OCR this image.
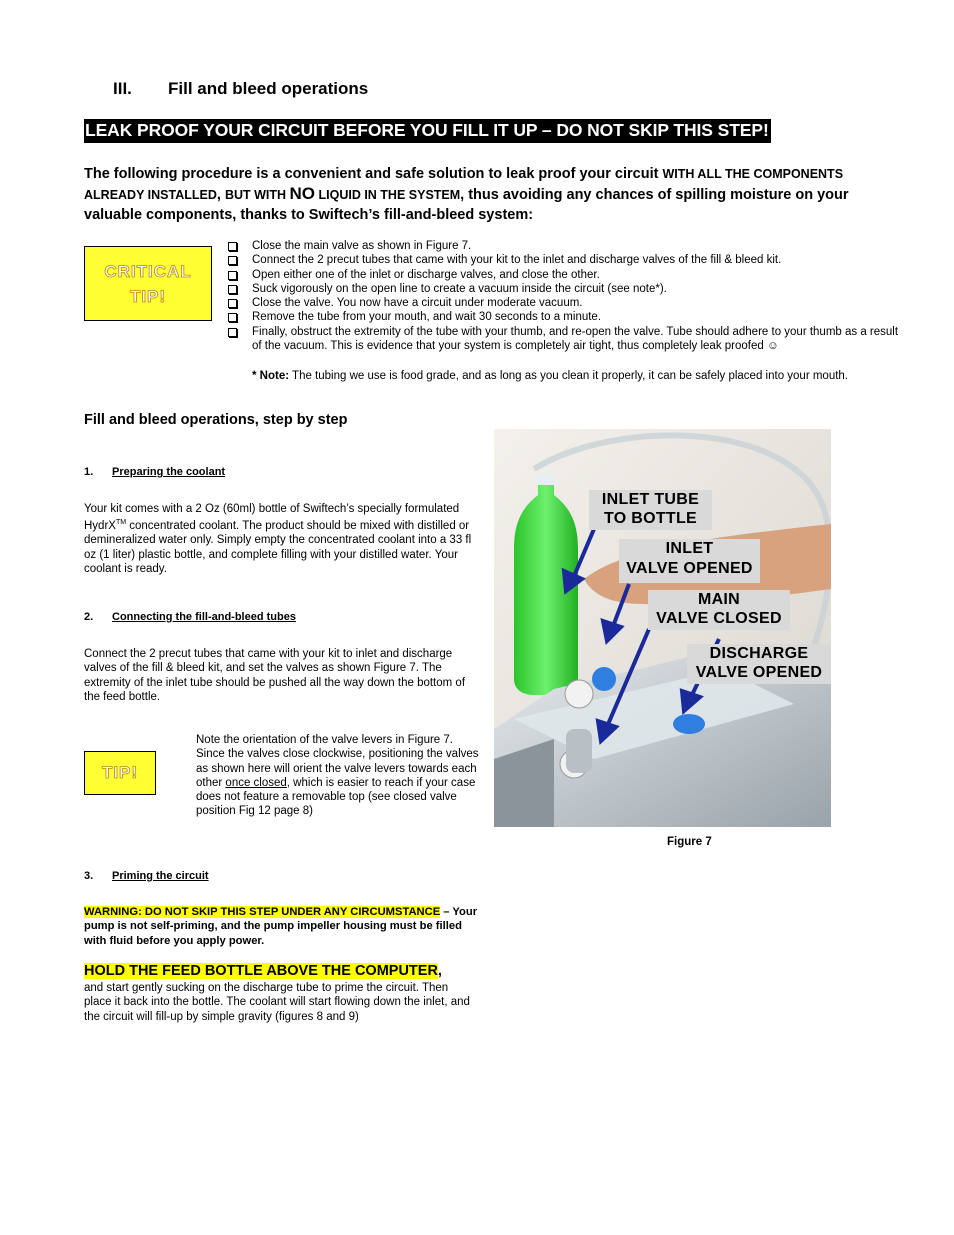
III. Fill and bleed operations
LEAK PROOF YOUR CIRCUIT BEFORE YOU FILL IT UP – DO NOT SKIP THIS STEP!
The following procedure is a convenient and safe solution to leak proof your circuit WITH ALL THE COMPONENTS ALREADY INSTALLED, BUT WITH NO LIQUID IN THE SYSTEM, thus avoiding any chances of spilling moisture on your valuable components, thanks to Swiftech’s fill-and-bleed system:
CRITICAL
TIP!
Close the main valve as shown in Figure 7.
Connect the 2 precut tubes that came with your kit to the inlet and discharge valves of the fill & bleed kit.
Open either one of the inlet or discharge valves, and close the other.
Suck vigorously on the open line to create a vacuum inside the circuit (see note*).
Close the valve. You now have a circuit under moderate vacuum.
Remove the tube from your mouth, and wait 30 seconds to a minute.
Finally, obstruct the extremity of the tube with your thumb, and re-open the valve. Tube should adhere to your thumb as a result of the vacuum. This is evidence that your system is completely air tight, thus completely leak proofed ☺
* Note: The tubing we use is food grade, and as long as you clean it properly, it can be safely placed into your mouth.
Fill and bleed operations, step by step
1. Preparing the coolant
Your kit comes with a 2 Oz (60ml) bottle of Swiftech’s specially formulated HydrX™ concentrated coolant. The product should be mixed with distilled or demineralized water only. Simply empty the concentrated coolant into a 33 fl oz (1 liter) plastic bottle, and complete filling with your distilled water. Your coolant is ready.
2. Connecting the fill-and-bleed tubes
Connect the 2 precut tubes that came with your kit to inlet and discharge valves of the fill & bleed kit, and set the valves as shown Figure 7. The extremity of the inlet tube should be pushed all the way down the bottom of the feed bottle.
TIP!
Note the orientation of the valve levers in Figure 7. Since the valves close clockwise, positioning the valves as shown here will orient the valve levers towards each other once closed, which is easier to reach if your case does not feature a removable top (see closed valve position Fig 12 page 8)
INLET TUBE
TO BOTTLE
INLET
VALVE OPENED
MAIN
VALVE CLOSED
DISCHARGE
VALVE OPENED
Figure 7
3. Priming the circuit
WARNING: DO NOT SKIP THIS STEP UNDER ANY CIRCUMSTANCE – Your pump is not self-priming, and the pump impeller housing must be filled with fluid before you apply power.
HOLD THE FEED BOTTLE ABOVE THE COMPUTER,
and start gently sucking on the discharge tube to prime the circuit. Then place it back into the bottle. The coolant will start flowing down the inlet, and the circuit will fill-up by simple gravity (figures 8 and 9)
